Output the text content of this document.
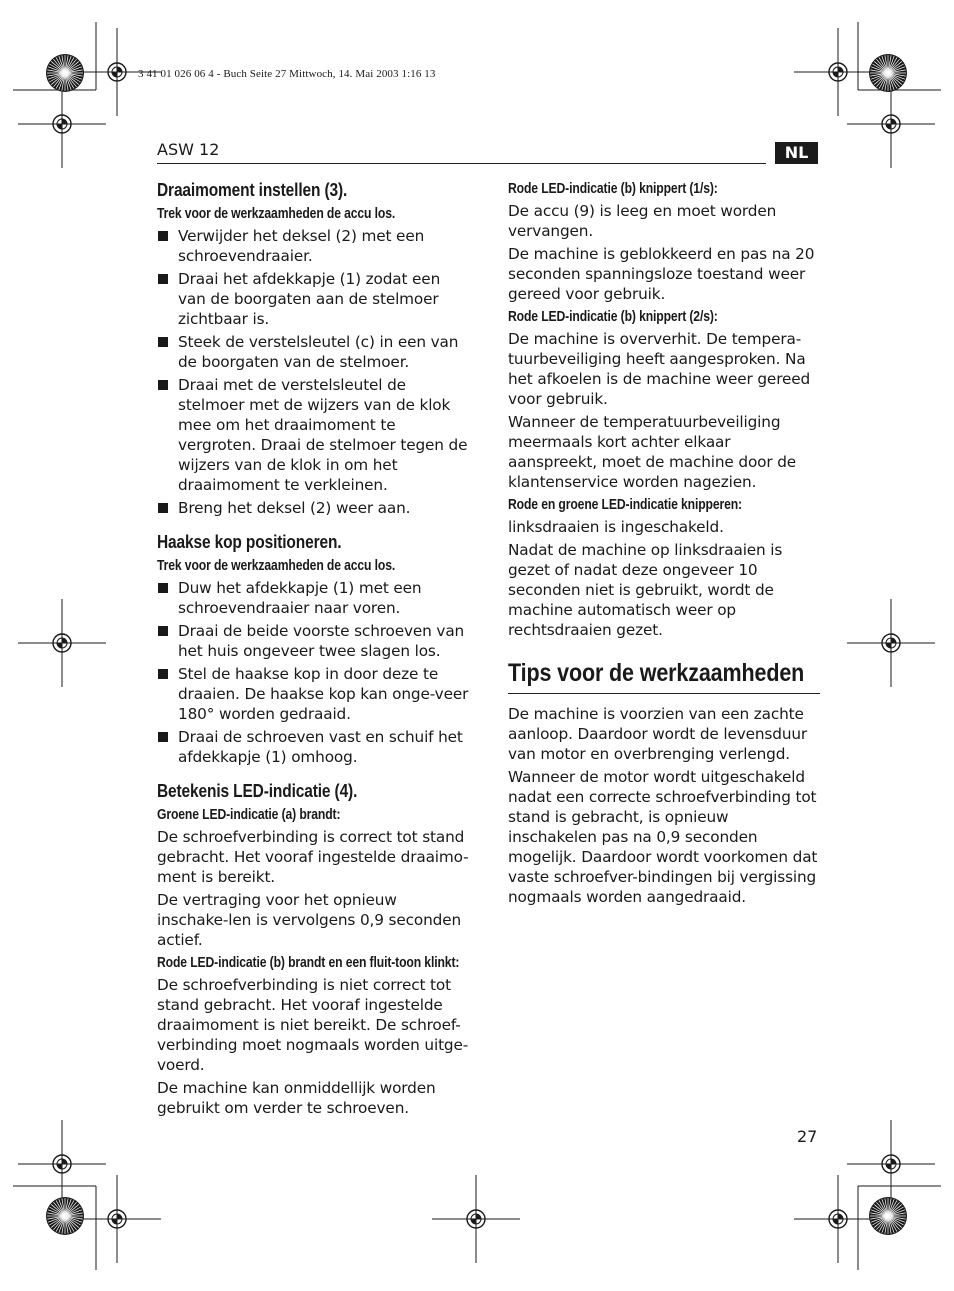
3 41 01 026 06 4 - Buch Seite 27 Mittwoch, 14. Mai 2003 1:16 13
ASW 12	NL
Draaimoment instellen (3).
Trek voor de werkzaamheden de accu los.
Verwijder het deksel (2) met een schroevendraaier.
Draai het afdekkapje (1) zodat een van de boorgaten aan de stelmoer zichtbaar is.
Steek de verstelsleutel (c) in een van de boorgaten van de stelmoer.
Draai met de verstelsleutel de stelmoer met de wijzers van de klok mee om het draaimoment te vergroten. Draai de stelmoer tegen de wijzers van de klok in om het draaimoment te verkleinen.
Breng het deksel (2) weer aan.
Haakse kop positioneren.
Trek voor de werkzaamheden de accu los.
Duw het afdekkapje (1) met een schroevendraaier naar voren.
Draai de beide voorste schroeven van het huis ongeveer twee slagen los.
Stel de haakse kop in door deze te draaien. De haakse kop kan onge-veer 180° worden gedraaid.
Draai de schroeven vast en schuif het afdekkapje (1) omhoog.
Betekenis LED-indicatie (4).
Groene LED-indicatie (a) brandt:

De schroefverbinding is correct tot stand gebracht. Het vooraf ingestelde draaimo-ment is bereikt.

De vertraging voor het opnieuw inschake-len is vervolgens 0,9 seconden actief.

Rode LED-indicatie (b) brandt en een fluit-toon klinkt:

De schroefverbinding is niet correct tot stand gebracht. Het vooraf ingestelde draaimoment is niet bereikt. De schroef-verbinding moet nogmaals worden uitge-voerd.

De machine kan onmiddellijk worden gebruikt om verder te schroeven.

Rode LED-indicatie (b) knippert (1/s):

De accu (9) is leeg en moet worden vervangen.

De machine is geblokkeerd en pas na 20 seconden spanningsloze toestand weer gereed voor gebruik.

Rode LED-indicatie (b) knippert (2/s):

De machine is oververhit. De tempera-tuurbeveiliging heeft aangesproken. Na het afkoelen is de machine weer gereed voor gebruik.

Wanneer de temperatuurbeveiliging meermaals kort achter elkaar aanspreekt, moet de machine door de klantenservice worden nagezien.

Rode en groene LED-indicatie knipperen:

linksdraaien is ingeschakeld.

Nadat de machine op linksdraaien is gezet of nadat deze ongeveer 10 seconden niet is gebruikt, wordt de machine automatisch weer op rechtsdraaien gezet.

Tips voor de werkzaamheden

De machine is voorzien van een zachte aanloop. Daardoor wordt de levensduur van motor en overbrenging verlengd.

Wanneer de motor wordt uitgeschakeld nadat een correcte schroefverbinding tot stand is gebracht, is opnieuw inschakelen pas na 0,9 seconden mogelijk. Daardoor wordt voorkomen dat vaste schroefver-bindingen bij vergissing nogmaals worden aangedraaid.

27
